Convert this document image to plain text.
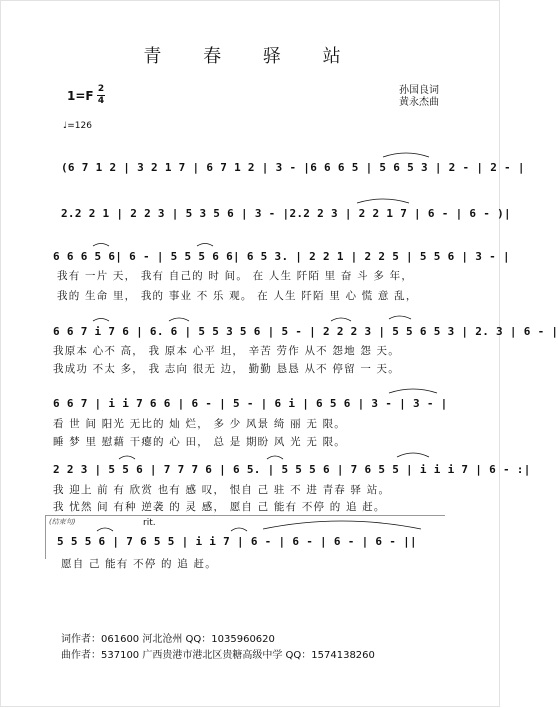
青 春 驿 站
1=F 2
4
孙国良词
黄永杰曲
♩=126
(6 7 1 2 | 3 2 1 7 | 6 7 1 2 | 3 - |6 6 6 5 | 5 6 5 3 | 2 - | 2 - |
2.2 2 1 | 2 2 3 | 5 3 5 6 | 3 - |2.2 2 3 | 2 2 1 7 | 6 - | 6 - )|
6 6 6 5 6| 6 - | 5 5 5 6 6| 6 5 3. | 2 2 1 | 2 2 5 | 5 5 6 | 3 - |
我有 一片 天， 我有 自己的 时 间。 在 人生 阡陌 里 奋 斗 多 年，
我的 生命 里， 我的 事业 不 乐 观。 在 人生 阡陌 里 心 慌 意 乱，
6 6 7 i 7 6 | 6. 6 | 5 5 3 5 6 | 5 - | 2 2 2 3 | 5 5 6 5 3 | 2. 3 | 6 - |
我原本 心不 高， 我 原本 心平 坦， 辛苦 劳作 从不 怨地 怨 天。
我成功 不太 多， 我 志向 很无 边， 勤勤 恳恳 从不 停留 一 天。
6 6 7 | i i 7 6 6 | 6 - | 5 - | 6 i | 6 5 6 | 3 - | 3 - |
看 世 间 阳光 无比的 灿 烂， 多 少 风景 绮 丽 无 限。
睡 梦 里 慰藉 干瘪的 心 田， 总 是 期盼 风 光 无 限。
2 2 3 | 5 5 6 | 7 7 7 6 | 6 5. | 5 5 5 6 | 7 6 5 5 | i i i 7 | 6 - :|
我 迎上 前 有 欣赏 也有 感 叹， 恨自 己 驻 不 进 青春 驿 站。
我 忧然 间 有种 逆袭 的 灵 感， 愿自 己 能有 不停 的 追 赶。
(结束句)	rit.
5 5 5 6 | 7 6 5 5 | i i 7 | 6 - | 6 - | 6 - | 6 - ||
愿自 己 能有 不停 的 追 赶。
词作者：061600 河北沧州 QQ：1035960620
曲作者：537100 广西贵港市港北区贵糖高级中学 QQ：1574138260
